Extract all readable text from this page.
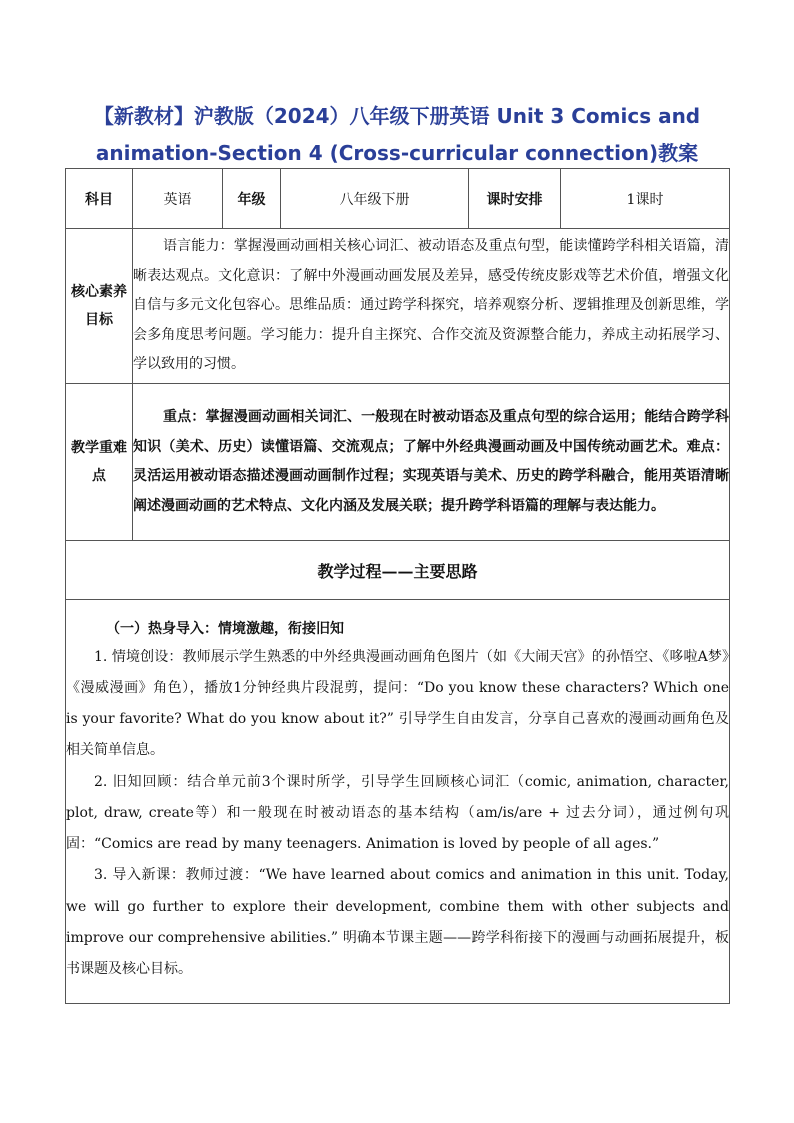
【新教材】沪教版（2024）八年级下册英语 Unit 3 Comics and animation-Section 4 (Cross-curricular connection)教案
科目	英语	年级	八年级下册	课时安排	1课时
核心素养目标	语言能力：掌握漫画动画相关核心词汇、被动语态及重点句型，能读懂跨学科相关语篇，清晰表达观点。文化意识：了解中外漫画动画发展及差异，感受传统皮影戏等艺术价值，增强文化自信与多元文化包容心。思维品质：通过跨学科探究，培养观察分析、逻辑推理及创新思维，学会多角度思考问题。学习能力：提升自主探究、合作交流及资源整合能力，养成主动拓展学习、学以致用的习惯。				
教学重难点	重点：掌握漫画动画相关词汇、一般现在时被动语态及重点句型的综合运用；能结合跨学科知识（美术、历史）读懂语篇、交流观点；了解中外经典漫画动画及中国传统动画艺术。难点：灵活运用被动语态描述漫画动画制作过程；实现英语与美术、历史的跨学科融合，能用英语清晰阐述漫画动画的艺术特点、文化内涵及发展关联；提升跨学科语篇的理解与表达能力。				
教学过程——主要思路					

（一）热身导入：情境激趣，衔接旧知

1. 情境创设：教师展示学生熟悉的中外经典漫画动画角色图片（如《大闹天宫》的孙悟空、《哆啦A梦》《漫威漫画》角色），播放1分钟经典片段混剪，提问：“Do you know these characters? Which one is your favorite? What do you know about it?” 引导学生自由发言，分享自己喜欢的漫画动画角色及相关简单信息。

2. 旧知回顾：结合单元前3个课时所学，引导学生回顾核心词汇（comic, animation, character, plot, draw, create等）和一般现在时被动语态的基本结构（am/is/are + 过去分词），通过例句巩固：“Comics are read by many teenagers. Animation is loved by people of all ages.”

3. 导入新课：教师过渡：“We have learned about comics and animation in this unit. Today, we will go further to explore their development, combine them with other subjects and improve our comprehensive abilities.” 明确本节课主题——跨学科衔接下的漫画与动画拓展提升，板书课题及核心目标。					
